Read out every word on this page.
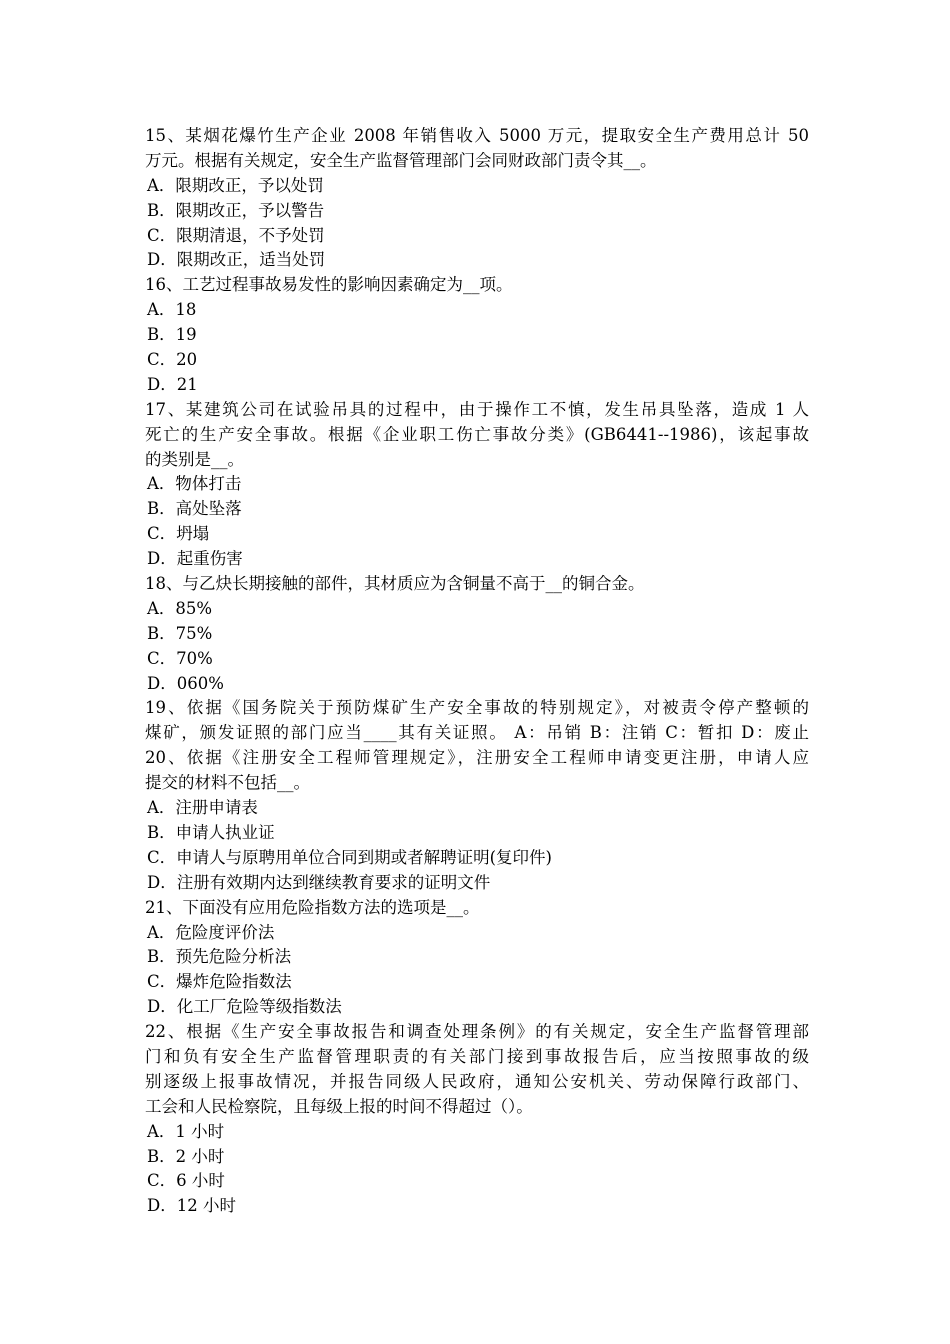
15、某烟花爆竹生产企业 2008 年销售收入 5000 万元，提取安全生产费用总计 50
万元。根据有关规定，安全生产监督管理部门会同财政部门责令其__。
A．限期改正，予以处罚
B．限期改正，予以警告
C．限期清退，不予处罚
D．限期改正，适当处罚
16、工艺过程事故易发性的影响因素确定为__项。
A．18
B．19
C．20
D．21
17、某建筑公司在试验吊具的过程中，由于操作工不慎，发生吊具坠落，造成 1 人
死亡的生产安全事故。根据《企业职工伤亡事故分类》(GB6441--1986)，该起事故
的类别是__。
A．物体打击
B．高处坠落
C．坍塌
D．起重伤害
18、与乙炔长期接触的部件，其材质应为含铜量不高于__的铜合金。
A．85%
B．75%
C．70%
D．060%
19、依据《国务院关于预防煤矿生产安全事故的特别规定》，对被责令停产整顿的
煤矿，颁发证照的部门应当____其有关证照。 A：吊销 B：注销 C：暂扣 D：废止
20、依据《注册安全工程师管理规定》，注册安全工程师申请变更注册，申请人应
提交的材料不包括__。
A．注册申请表
B．申请人执业证
C．申请人与原聘用单位合同到期或者解聘证明(复印件)
D．注册有效期内达到继续教育要求的证明文件
21、下面没有应用危险指数方法的选项是__。
A．危险度评价法
B．预先危险分析法
C．爆炸危险指数法
D．化工厂危险等级指数法
22、根据《生产安全事故报告和调查处理条例》的有关规定，安全生产监督管理部
门和负有安全生产监督管理职责的有关部门接到事故报告后，应当按照事故的级
别逐级上报事故情况，并报告同级人民政府，通知公安机关、劳动保障行政部门、
工会和人民检察院，且每级上报的时间不得超过（）。
A．1 小时
B．2 小时
C．6 小时
D．12 小时
